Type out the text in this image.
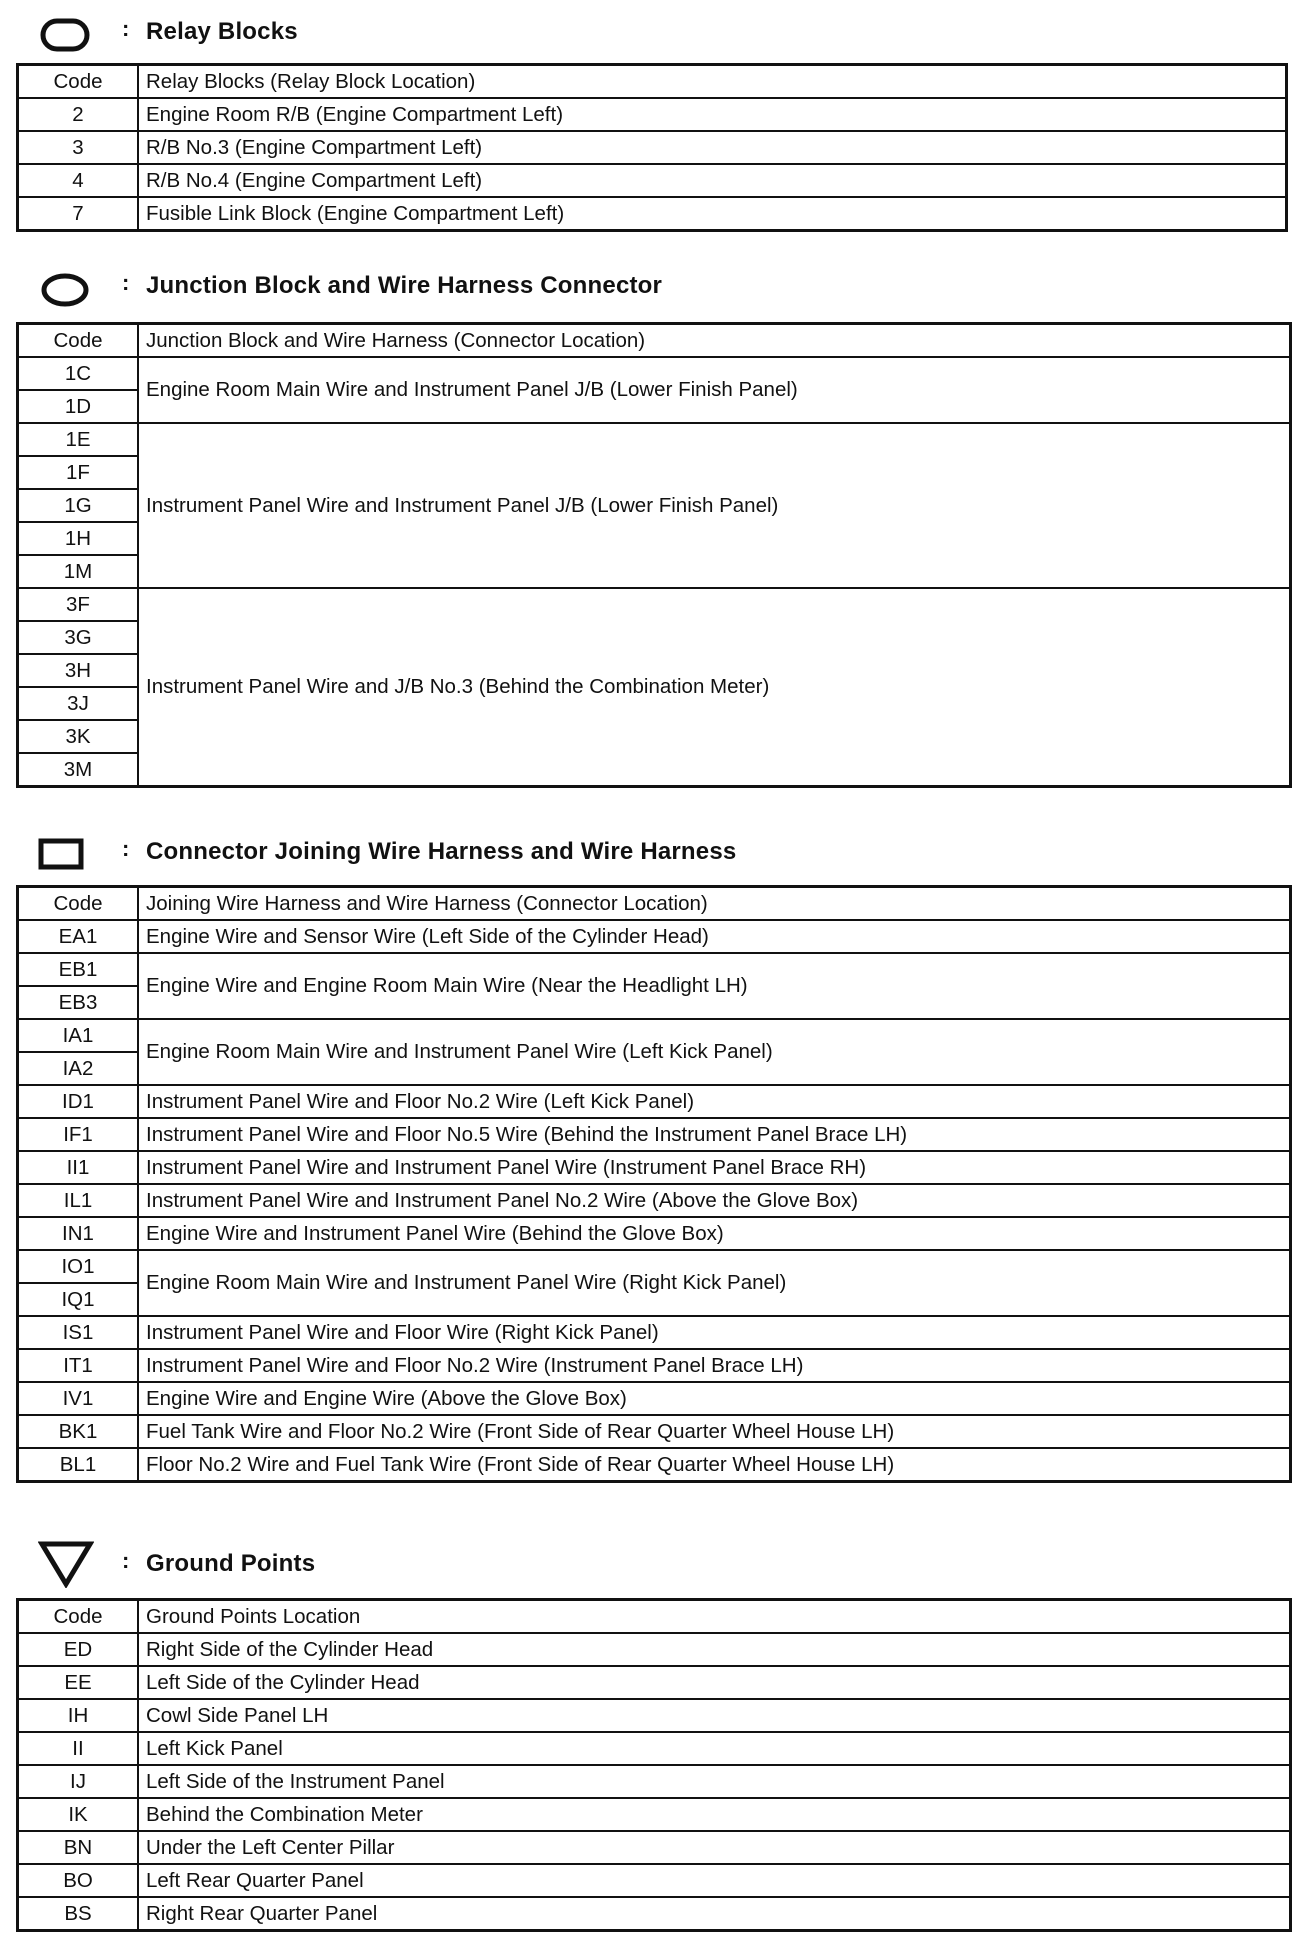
: Relay Blocks
Code	Relay Blocks (Relay Block Location)
2	Engine Room R/B (Engine Compartment Left)
3	R/B No.3 (Engine Compartment Left)
4	R/B No.4 (Engine Compartment Left)
7	Fusible Link Block (Engine Compartment Left)
: Junction Block and Wire Harness Connector
Code	Junction Block and Wire Harness (Connector Location)
1C	Engine Room Main Wire and Instrument Panel J/B (Lower Finish Panel)
1D	
1E	Instrument Panel Wire and Instrument Panel J/B (Lower Finish Panel)
1F	
1G	
1H	
1M	
3F	Instrument Panel Wire and J/B No.3 (Behind the Combination Meter)
3G	
3H	
3J	
3K	
3M	
: Connector Joining Wire Harness and Wire Harness
Code	Joining Wire Harness and Wire Harness (Connector Location)
EA1	Engine Wire and Sensor Wire (Left Side of the Cylinder Head)
EB1	Engine Wire and Engine Room Main Wire (Near the Headlight LH)
EB3	
IA1	Engine Room Main Wire and Instrument Panel Wire (Left Kick Panel)
IA2	
ID1	Instrument Panel Wire and Floor No.2 Wire (Left Kick Panel)
IF1	Instrument Panel Wire and Floor No.5 Wire (Behind the Instrument Panel Brace LH)
II1	Instrument Panel Wire and Instrument Panel Wire (Instrument Panel Brace RH)
IL1	Instrument Panel Wire and Instrument Panel No.2 Wire (Above the Glove Box)
IN1	Engine Wire and Instrument Panel Wire (Behind the Glove Box)
IO1	Engine Room Main Wire and Instrument Panel Wire (Right Kick Panel)
IQ1	
IS1	Instrument Panel Wire and Floor Wire (Right Kick Panel)
IT1	Instrument Panel Wire and Floor No.2 Wire (Instrument Panel Brace LH)
IV1	Engine Wire and Engine Wire (Above the Glove Box)
BK1	Fuel Tank Wire and Floor No.2 Wire (Front Side of Rear Quarter Wheel House LH)
BL1	Floor No.2 Wire and Fuel Tank Wire (Front Side of Rear Quarter Wheel House LH)
: Ground Points
Code	Ground Points Location
ED	Right Side of the Cylinder Head
EE	Left Side of the Cylinder Head
IH	Cowl Side Panel LH
II	Left Kick Panel
IJ	Left Side of the Instrument Panel
IK	Behind the Combination Meter
BN	Under the Left Center Pillar
BO	Left Rear Quarter Panel
BS	Right Rear Quarter Panel
